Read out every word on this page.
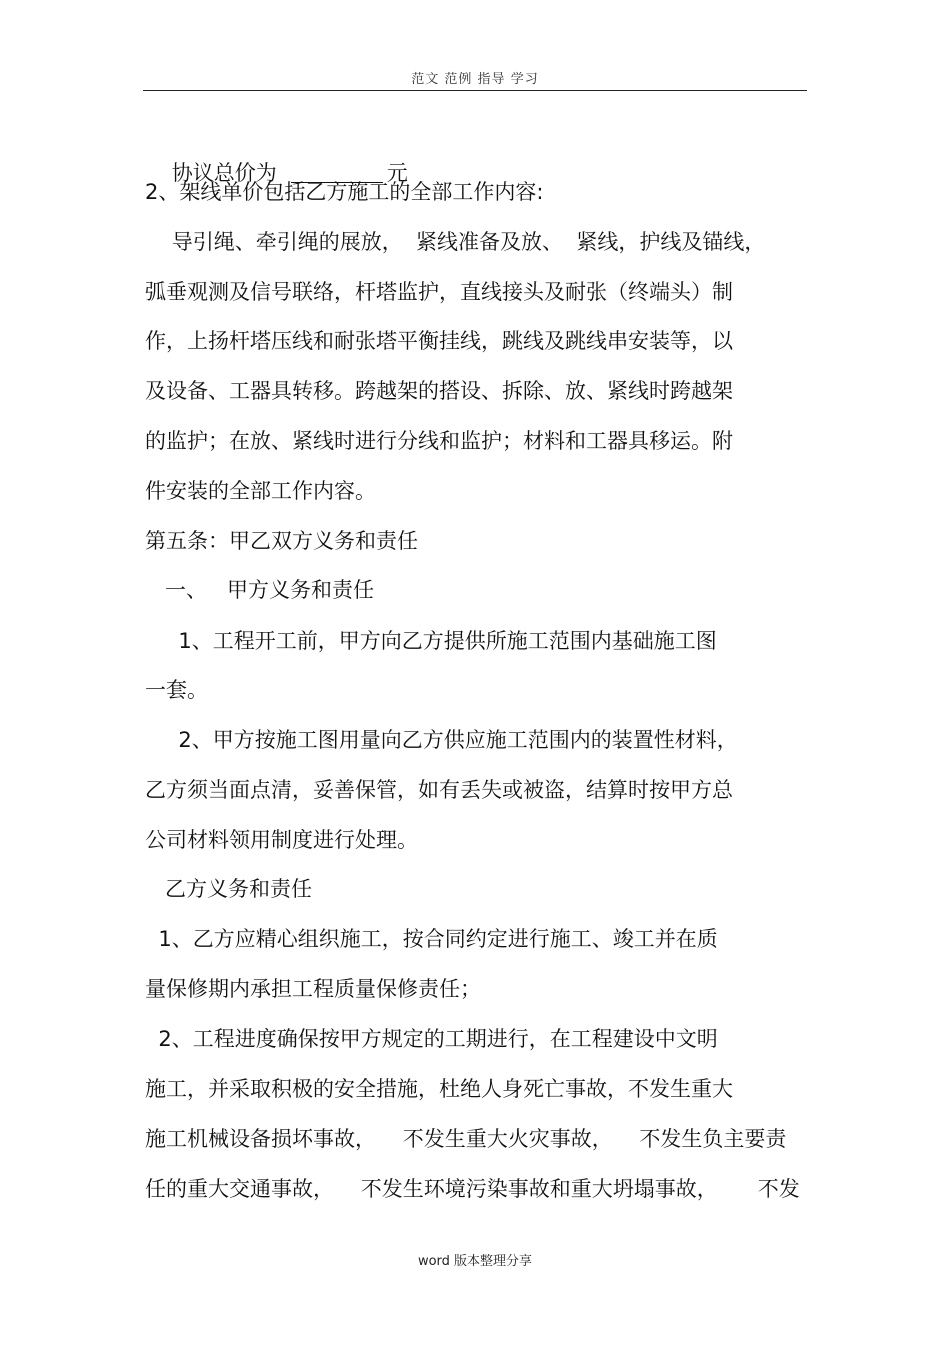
范文 范例 指导 学习

协议总价为	元

2、架线单价包括乙方施工的全部工作内容:
导引绳、牵引绳的展放，  紧线准备及放、  紧线，护线及锚线，
弧垂观测及信号联络，杆塔监护，直线接头及耐张（终端头）制
作，上扬杆塔压线和耐张塔平衡挂线，跳线及跳线串安装等，以
及设备、工器具转移。跨越架的搭设、拆除、放、紧线时跨越架
的监护；在放、紧线时进行分线和监护；材料和工器具移运。附
件安装的全部工作内容。
第五条：甲乙双方义务和责任
一、   甲方义务和责任
1、工程开工前，甲方向乙方提供所施工范围内基础施工图
一套。
2、甲方按施工图用量向乙方供应施工范围内的装置性材料，
乙方须当面点清，妥善保管，如有丢失或被盗，结算时按甲方总
公司材料领用制度进行处理。
乙方义务和责任
1、乙方应精心组织施工，按合同约定进行施工、竣工并在质
量保修期内承担工程质量保修责任；
2、工程进度确保按甲方规定的工期进行，在工程建设中文明
施工，并采取积极的安全措施，杜绝人身死亡事故，不发生重大
施工机械设备损坏事故，    不发生重大火灾事故，    不发生负主要责
任的重大交通事故，    不发生环境污染事故和重大坍塌事故，      不发
word 版本整理分享
